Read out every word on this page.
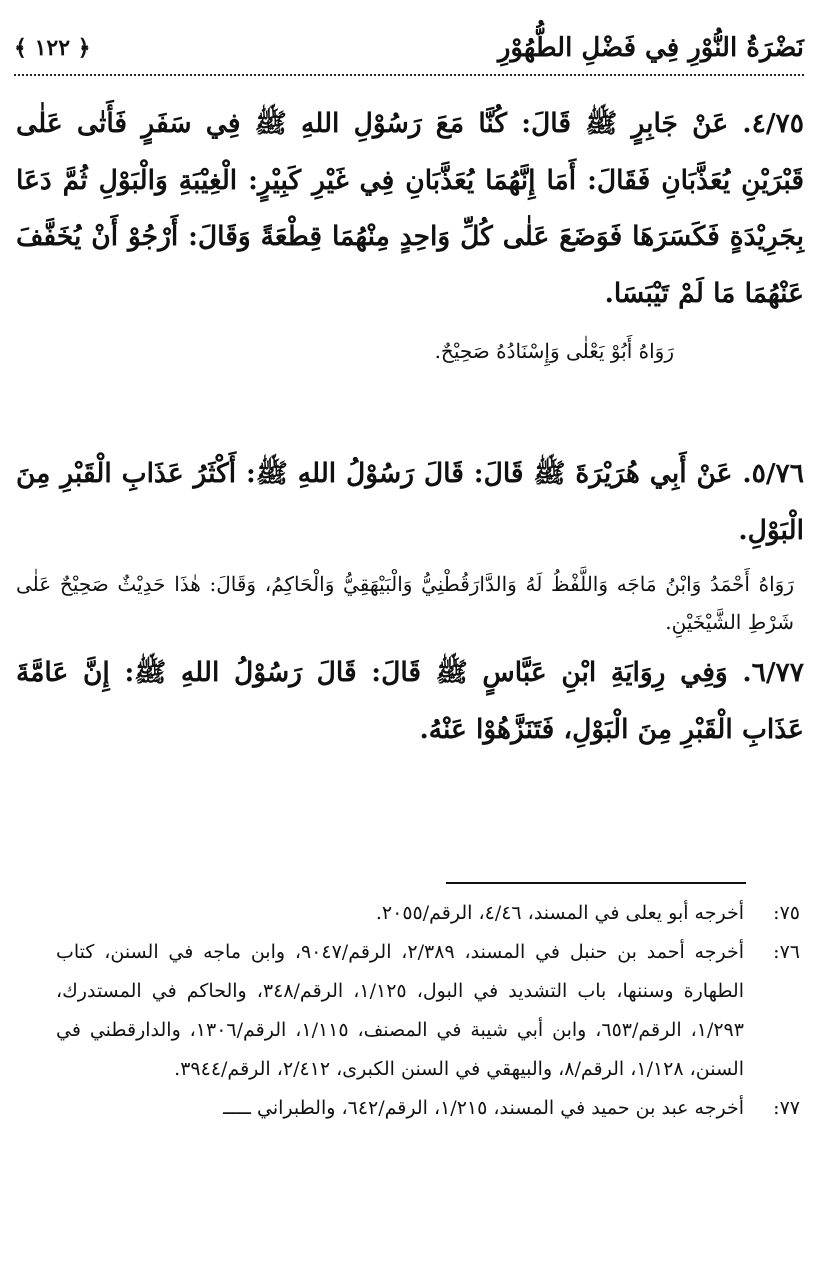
نَضْرَةُ النُّوْرِ فِي فَضْلِ الطُّهُوْرِ
﴿ ١٢٢ ﴾

٤/٧٥. عَنْ جَابِرٍ ﷺ قَالَ: كُنَّا مَعَ رَسُوْلِ اللهِ ﷺ فِي سَفَرٍ فَأَتٰى عَلٰى قَبْرَيْنِ يُعَذَّبَانِ فَقَالَ: أَمَا إِنَّهُمَا يُعَذَّبَانِ فِي غَيْرِ كَبِيْرٍ: الْغِيْبَةِ وَالْبَوْلِ ثُمَّ دَعَا بِجَرِيْدَةٍ فَكَسَرَهَا فَوَضَعَ عَلٰى كُلِّ وَاحِدٍ مِنْهُمَا قِطْعَةً وَقَالَ: أَرْجُوْ أَنْ يُخَفَّفَ عَنْهُمَا مَا لَمْ تَيْبَسَا.

رَوَاهُ أَبُوْ يَعْلٰى وَإِسْنَادُهُ صَحِيْحٌ.

٥/٧٦. عَنْ أَبِي هُرَيْرَةَ ﷺ قَالَ: قَالَ رَسُوْلُ اللهِ ﷺ: أَكْثَرُ عَذَابِ الْقَبْرِ مِنَ الْبَوْلِ.

رَوَاهُ أَحْمَدُ وَابْنُ مَاجَه وَاللَّفْظُ لَهُ وَالدَّارَقُطْنِيُّ وَالْبَيْهَقِيُّ وَالْحَاكِمُ، وَقَالَ: هٰذَا حَدِيْثٌ صَحِيْحٌ عَلٰى شَرْطِ الشَّيْخَيْنِ.

٦/٧٧. وَفِي رِوَايَةِ ابْنِ عَبَّاسٍ ﷺ قَالَ: قَالَ رَسُوْلُ اللهِ ﷺ: إِنَّ عَامَّةَ عَذَابِ الْقَبْرِ مِنَ الْبَوْلِ، فَتَنَزَّهُوْا عَنْهُ.

٧٥:
أخرجه أبو يعلى في المسند، ٤/٤٦، الرقم/٢٠٥٥.
٧٦:
أخرجه أحمد بن حنبل في المسند، ٢/٣٨٩، الرقم/٩٠٤٧، وابن ماجه في السنن، كتاب الطهارة وسننها، باب التشديد في البول، ١/١٢٥، الرقم/٣٤٨، والحاكم في المستدرك، ١/٢٩٣، الرقم/٦٥٣، وابن أبي شيبة في المصنف، ١/١١٥، الرقم/١٣٠٦، والدارقطني في السنن، ١/١٢٨، الرقم/٨، والبيهقي في السنن الكبرى، ٢/٤١٢، الرقم/٣٩٤٤.
٧٧:
أخرجه عبد بن حميد في المسند، ١/٢١٥، الرقم/٦٤٢، والطبراني ـــــ
